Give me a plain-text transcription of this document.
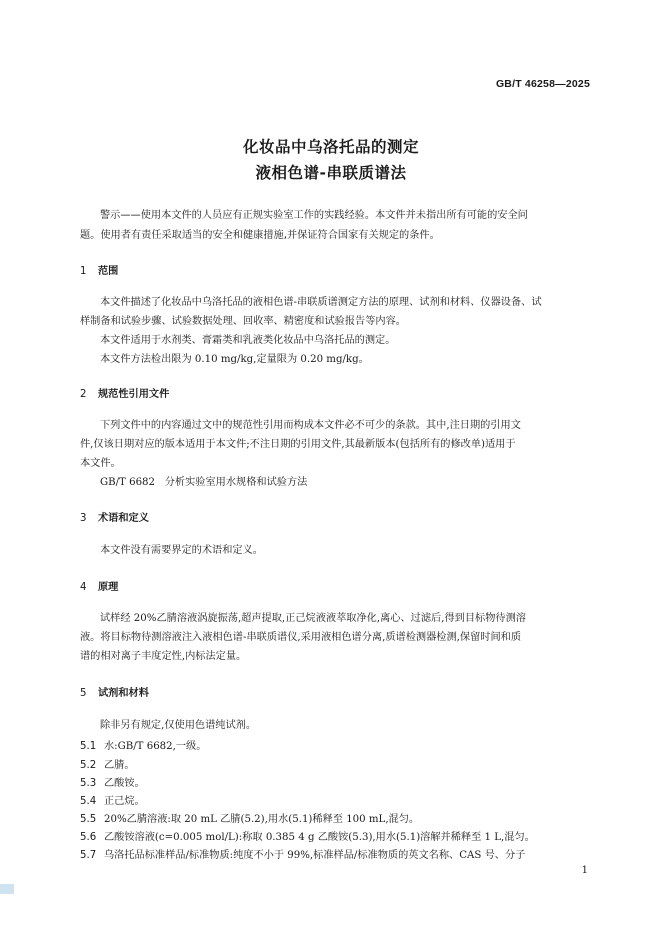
GB/T 46258—2025
化妆品中乌洛托品的测定
液相色谱-串联质谱法
警示——使用本文件的人员应有正规实验室工作的实践经验。本文件并未指出所有可能的安全问
题。使用者有责任采取适当的安全和健康措施,并保证符合国家有关规定的条件。
1 范围
本文件描述了化妆品中乌洛托品的液相色谱-串联质谱测定方法的原理、试剂和材料、仪器设备、试
样制备和试验步骤、试验数据处理、回收率、精密度和试验报告等内容。
本文件适用于水剂类、膏霜类和乳液类化妆品中乌洛托品的测定。
本文件方法检出限为 0.10 mg/kg,定量限为 0.20 mg/kg。
2 规范性引用文件
下列文件中的内容通过文中的规范性引用而构成本文件必不可少的条款。其中,注日期的引用文
件,仅该日期对应的版本适用于本文件;不注日期的引用文件,其最新版本(包括所有的修改单)适用于
本文件。
GB/T 6682   分析实验室用水规格和试验方法
3 术语和定义
本文件没有需要界定的术语和定义。
4 原理
试样经 20%乙腈溶液涡旋振荡,超声提取,正己烷液液萃取净化,离心、过滤后,得到目标物待测溶
液。将目标物待测溶液注入液相色谱-串联质谱仪,采用液相色谱分离,质谱检测器检测,保留时间和质
谱的相对离子丰度定性,内标法定量。
5 试剂和材料
除非另有规定,仅使用色谱纯试剂。
5.1 水:GB/T 6682,一级。
5.2 乙腈。
5.3 乙酸铵。
5.4 正己烷。
5.5 20%乙腈溶液:取 20 mL 乙腈(5.2),用水(5.1)稀释至 100 mL,混匀。
5.6 乙酸铵溶液(c=0.005 mol/L):称取 0.385 4 g 乙酸铵(5.3),用水(5.1)溶解并稀释至 1 L,混匀。
5.7 乌洛托品标准样品/标准物质:纯度不小于 99%,标准样品/标准物质的英文名称、CAS 号、分子
1
